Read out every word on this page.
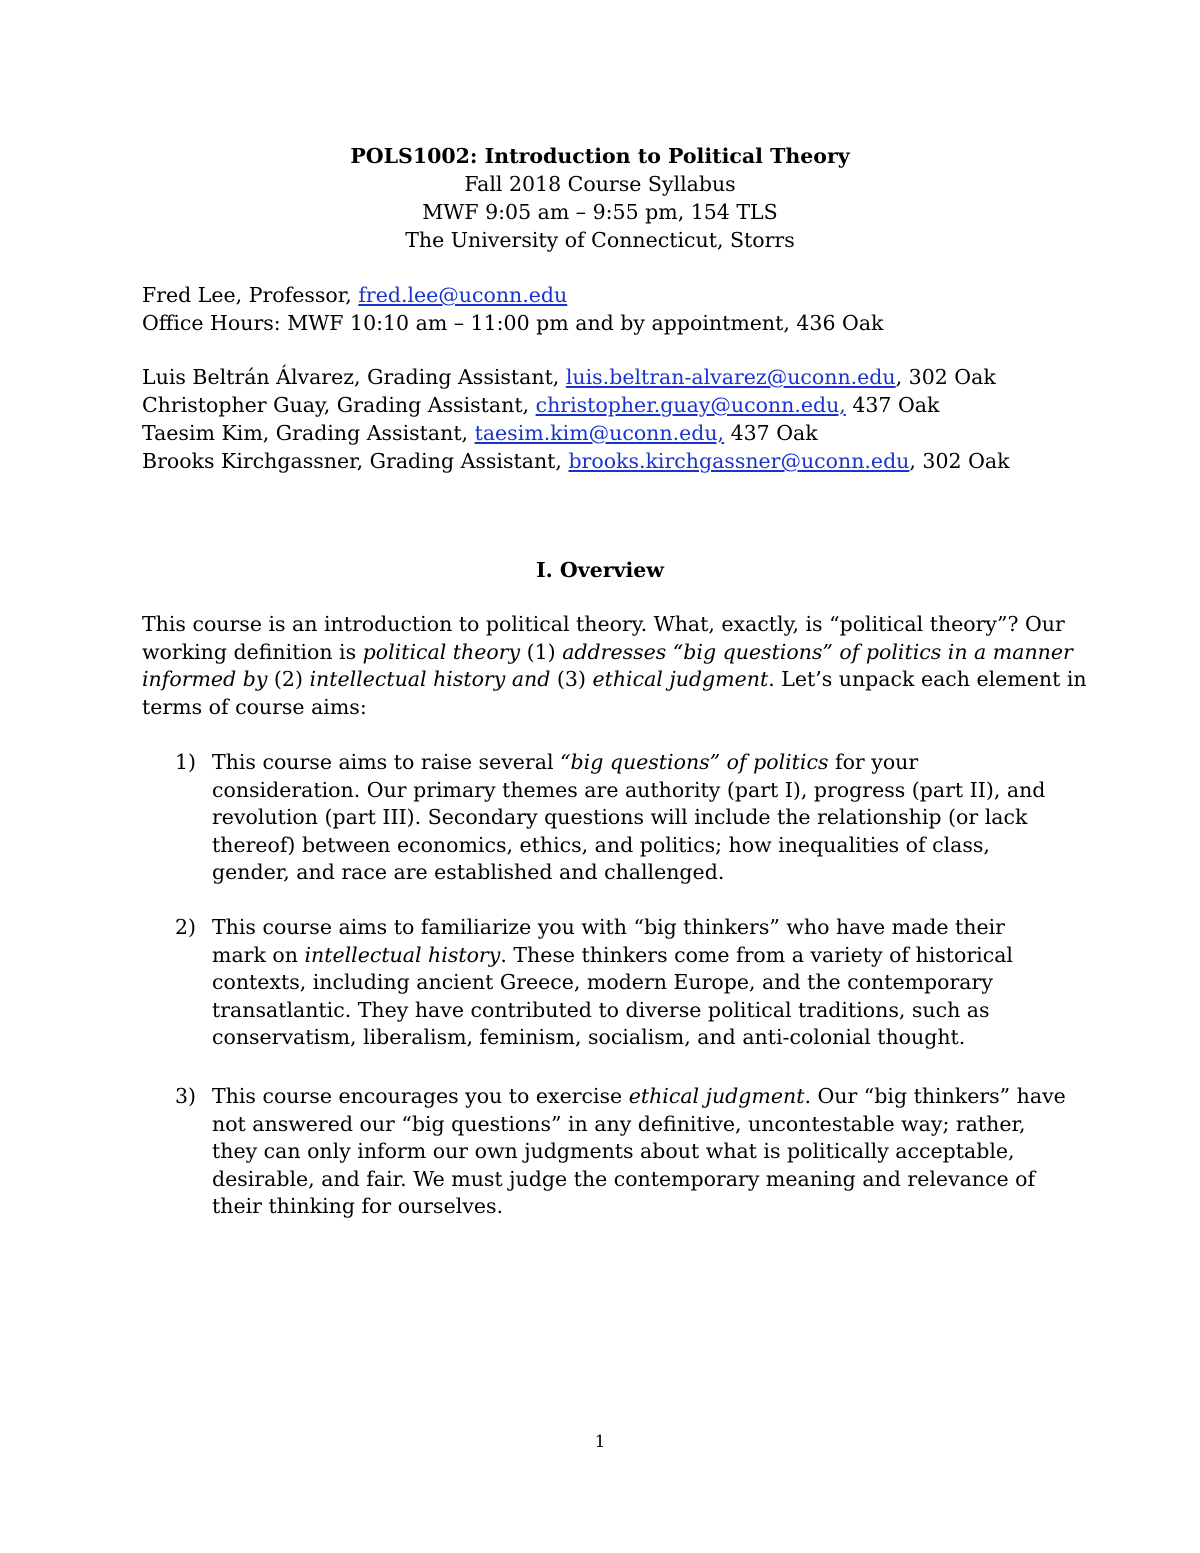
POLS1002: Introduction to Political Theory
Fall 2018 Course Syllabus
MWF 9:05 am – 9:55 pm, 154 TLS
The University of Connecticut, Storrs
Fred Lee, Professor, fred.lee@uconn.edu
Office Hours: MWF 10:10 am – 11:00 pm and by appointment, 436 Oak
Luis Beltrán Álvarez, Grading Assistant, luis.beltran-alvarez@uconn.edu, 302 Oak
Christopher Guay, Grading Assistant, christopher.guay@uconn.edu, 437 Oak
Taesim Kim, Grading Assistant, taesim.kim@uconn.edu, 437 Oak
Brooks Kirchgassner, Grading Assistant, brooks.kirchgassner@uconn.edu, 302 Oak
I. Overview
This course is an introduction to political theory. What, exactly, is “political theory”? Our
working definition is political theory (1) addresses “big questions” of politics in a manner
informed by (2) intellectual history and (3) ethical judgment. Let’s unpack each element in
terms of course aims:
1) This course aims to raise several “big questions” of politics for your
consideration. Our primary themes are authority (part I), progress (part II), and
revolution (part III). Secondary questions will include the relationship (or lack
thereof) between economics, ethics, and politics; how inequalities of class,
gender, and race are established and challenged.
2) This course aims to familiarize you with “big thinkers” who have made their
mark on intellectual history. These thinkers come from a variety of historical
contexts, including ancient Greece, modern Europe, and the contemporary
transatlantic. They have contributed to diverse political traditions, such as
conservatism, liberalism, feminism, socialism, and anti-colonial thought.
3) This course encourages you to exercise ethical judgment. Our “big thinkers” have
not answered our “big questions” in any definitive, uncontestable way; rather,
they can only inform our own judgments about what is politically acceptable,
desirable, and fair. We must judge the contemporary meaning and relevance of
their thinking for ourselves.
1
